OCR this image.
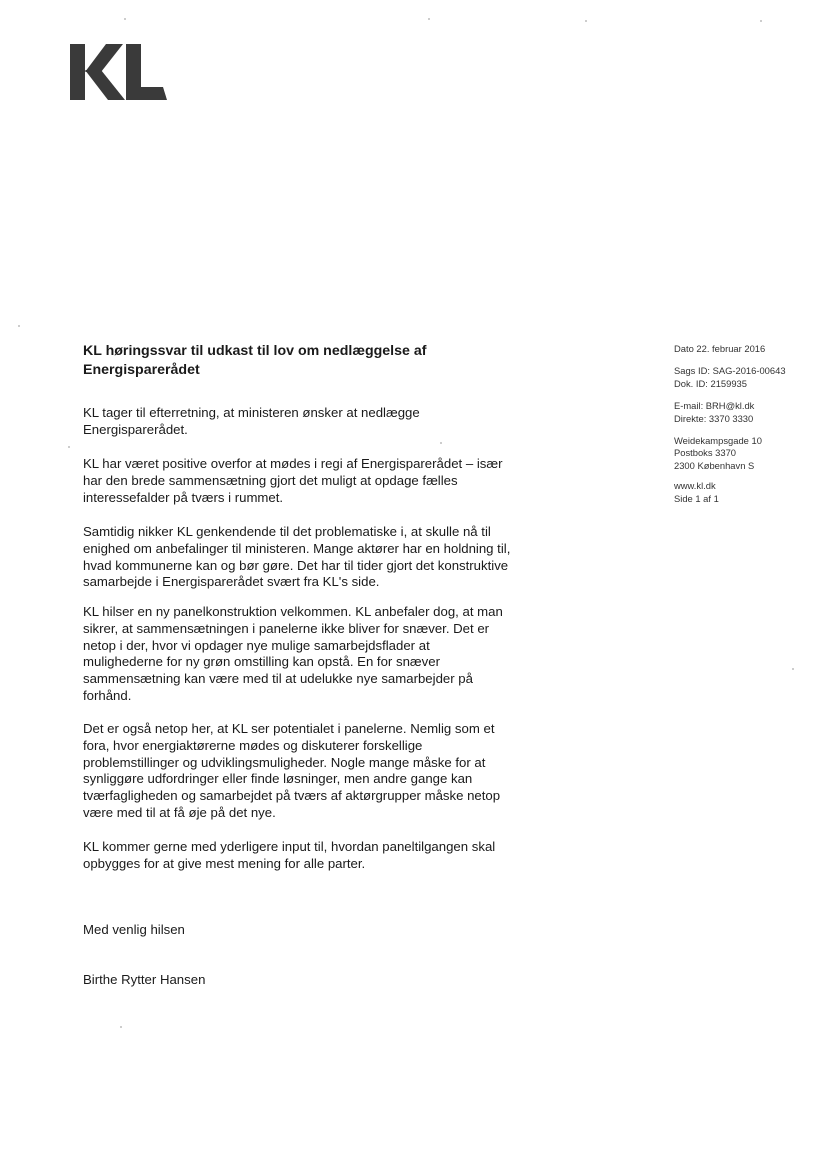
KL høringssvar til udkast til lov om nedlæggelse af
Energisparerådet
KL tager til efterretning, at ministeren ønsker at nedlægge
Energisparerådet.
KL har været positive overfor at mødes i regi af Energisparerådet – især
har den brede sammensætning gjort det muligt at opdage fælles
interessefalder på tværs i rummet.
Samtidig nikker KL genkendende til det problematiske i, at skulle nå til
enighed om anbefalinger til ministeren. Mange aktører har en holdning til,
hvad kommunerne kan og bør gøre. Det har til tider gjort det konstruktive
samarbejde i Energisparerådet svært fra KL's side.
KL hilser en ny panelkonstruktion velkommen. KL anbefaler dog, at man
sikrer, at sammensætningen i panelerne ikke bliver for snæver. Det er
netop i der, hvor vi opdager nye mulige samarbejdsflader at
mulighederne for ny grøn omstilling kan opstå. En for snæver
sammensætning kan være med til at udelukke nye samarbejder på
forhånd.
Det er også netop her, at KL ser potentialet i panelerne. Nemlig som et
fora, hvor energiaktørerne mødes og diskuterer forskellige
problemstillinger og udviklingsmuligheder. Nogle mange måske for at
synliggøre udfordringer eller finde løsninger, men andre gange kan
tværfagligheden og samarbejdet på tværs af aktørgrupper måske netop
være med til at få øje på det nye.
KL kommer gerne med yderligere input til, hvordan paneltilgangen skal
opbygges for at give mest mening for alle parter.
Med venlig hilsen
Birthe Rytter Hansen
Dato 22. februar 2016
Sags ID: SAG-2016-00643
Dok. ID: 2159935
E-mail: BRH@kl.dk
Direkte: 3370 3330
Weidekampsgade 10
Postboks 3370
2300 København S
www.kl.dk
Side 1 af 1
